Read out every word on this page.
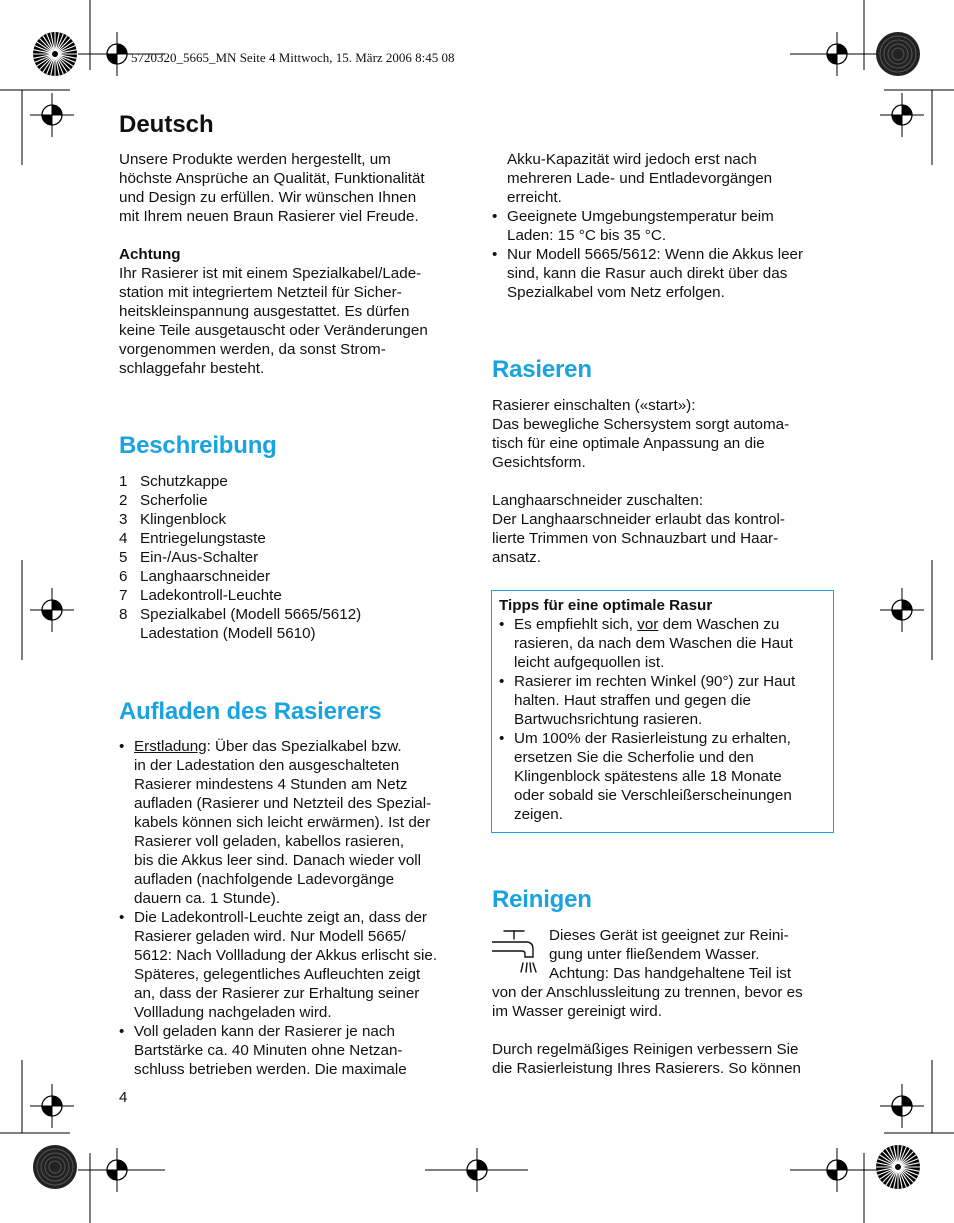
5720320_5665_MN Seite 4 Mittwoch, 15. März 2006 8:45 08
Deutsch

Unsere Produkte werden hergestellt, um

höchste Ansprüche an Qualität, Funktionalität

und Design zu erfüllen. Wir wünschen Ihnen

mit Ihrem neuen Braun Rasierer viel Freude.

Achtung

Ihr Rasierer ist mit einem Spezialkabel/Lade-

station mit integriertem Netzteil für Sicher-

heitskleinspannung ausgestattet. Es dürfen

keine Teile ausgetauscht oder Veränderungen

vorgenommen werden, da sonst Strom-

schlaggefahr besteht.

Beschreibung
1 Schutzkappe
2 Scherfolie
3 Klingenblock
4 Entriegelungstaste
5 Ein-/Aus-Schalter
6 Langhaarschneider
7 Ladekontroll-Leuchte
8 Spezialkabel (Modell 5665/5612)
Ladestation (Modell 5610)
Aufladen des Rasierers

• Erstladung: Über das Spezialkabel bzw.

in der Ladestation den ausgeschalteten

Rasierer mindestens 4 Stunden am Netz

aufladen (Rasierer und Netzteil des Spezial-

kabels können sich leicht erwärmen). Ist der

Rasierer voll geladen, kabellos rasieren,

bis die Akkus leer sind. Danach wieder voll

aufladen (nachfolgende Ladevorgänge

dauern ca. 1 Stunde).

• Die Ladekontroll-Leuchte zeigt an, dass der

Rasierer geladen wird. Nur Modell 5665/

5612: Nach Vollladung der Akkus erlischt sie.

Späteres, gelegentliches Aufleuchten zeigt

an, dass der Rasierer zur Erhaltung seiner

Vollladung nachgeladen wird.

• Voll geladen kann der Rasierer je nach

Bartstärke ca. 40 Minuten ohne Netzan-

schluss betrieben werden. Die maximale

4

Akku-Kapazität wird jedoch erst nach

mehreren Lade- und Entladevorgängen

erreicht.

• Geeignete Umgebungstemperatur beim

Laden: 15 °C bis 35 °C.

• Nur Modell 5665/5612: Wenn die Akkus leer

sind, kann die Rasur auch direkt über das

Spezialkabel vom Netz erfolgen.

Rasieren

Rasierer einschalten («start»):

Das bewegliche Schersystem sorgt automa-

tisch für eine optimale Anpassung an die

Gesichtsform.

Langhaarschneider zuschalten:

Der Langhaarschneider erlaubt das kontrol-

lierte Trimmen von Schnauzbart und Haar-

ansatz.

Tipps für eine optimale Rasur

• Es empfiehlt sich, vor dem Waschen zu

rasieren, da nach dem Waschen die Haut

leicht aufgequollen ist.

• Rasierer im rechten Winkel (90°) zur Haut

halten. Haut straffen und gegen die

Bartwuchsrichtung rasieren.

• Um 100% der Rasierleistung zu erhalten,

ersetzen Sie die Scherfolie und den

Klingenblock spätestens alle 18 Monate

oder sobald sie Verschleißerscheinungen

zeigen.

Reinigen

Dieses Gerät ist geeignet zur Reini-

gung unter fließendem Wasser.

Achtung: Das handgehaltene Teil ist

von der Anschlussleitung zu trennen, bevor es

im Wasser gereinigt wird.

Durch regelmäßiges Reinigen verbessern Sie

die Rasierleistung Ihres Rasierers. So können
